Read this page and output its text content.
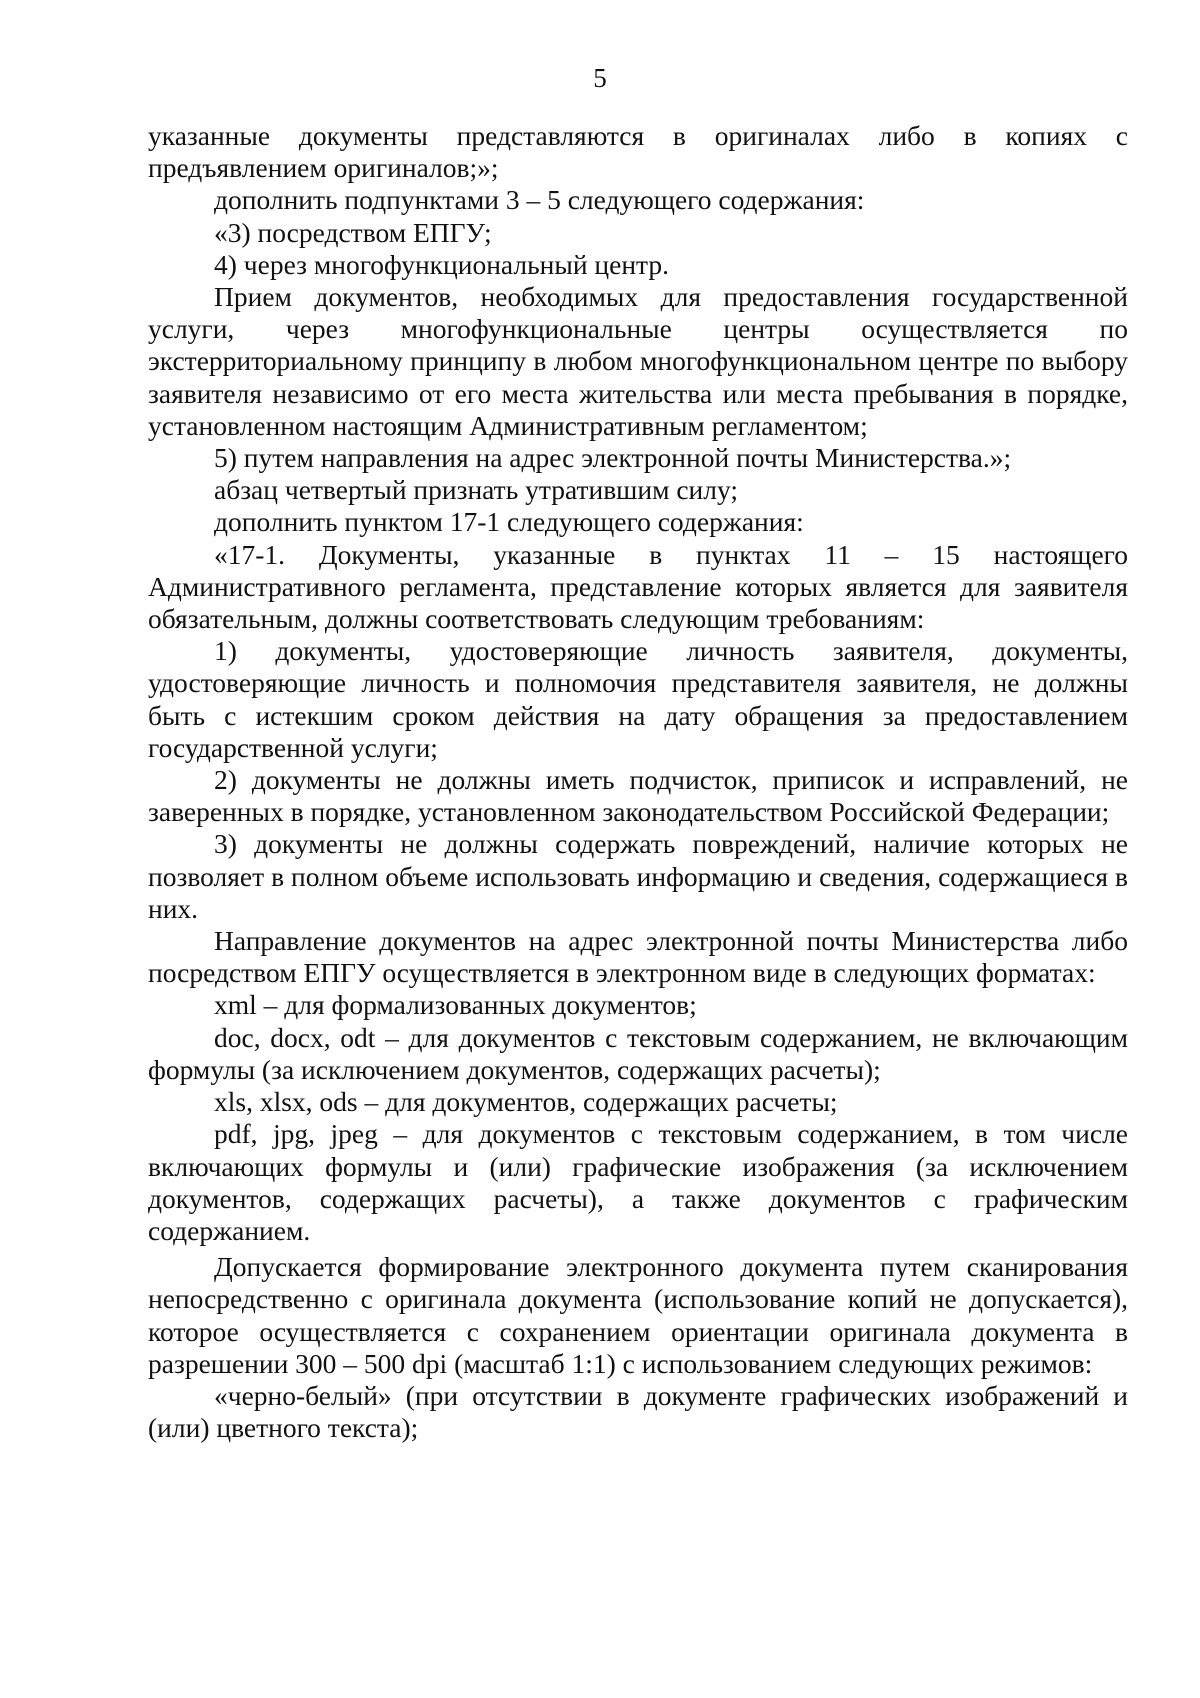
5

указанные документы представляются в оригиналах либо в копиях с предъявлением оригиналов;»;

дополнить подпунктами 3 – 5 следующего содержания:

«3) посредством ЕПГУ;

4) через многофункциональный центр.

Прием документов, необходимых для предоставления государственной услуги, через многофункциональные центры осуществляется по экстерриториальному принципу в любом многофункциональном центре по выбору заявителя независимо от его места жительства или места пребывания в порядке, установленном настоящим Административным регламентом;

5) путем направления на адрес электронной почты Министерства.»;

абзац четвертый признать утратившим силу;

дополнить пунктом 17-1 следующего содержания:

«17-1. Документы, указанные в пунктах 11 – 15 настоящего Административного регламента, представление которых является для заявителя обязательным, должны соответствовать следующим требованиям:

1) документы, удостоверяющие личность заявителя, документы, удостоверяющие личность и полномочия представителя заявителя, не должны быть с истекшим сроком действия на дату обращения за предоставлением государственной услуги;

2) документы не должны иметь подчисток, приписок и исправлений, не заверенных в порядке, установленном законодательством Российской Федерации;

3) документы не должны содержать повреждений, наличие которых не позволяет в полном объеме использовать информацию и сведения, содержащиеся в них.

Направление документов на адрес электронной почты Министерства либо посредством ЕПГУ осуществляется в электронном виде в следующих форматах:

xml – для формализованных документов;

doc, docx, odt – для документов с текстовым содержанием, не включающим формулы (за исключением документов, содержащих расчеты);

xls, xlsx, ods – для документов, содержащих расчеты;

pdf, jpg, jpeg – для документов с текстовым содержанием, в том числе включающих формулы и (или) графические изображения (за исключением документов, содержащих расчеты), а также документов с графическим содержанием.

Допускается формирование электронного документа путем сканирования непосредственно с оригинала документа (использование копий не допускается), которое осуществляется с сохранением ориентации оригинала документа в разрешении 300 – 500 dpi (масштаб 1:1) с использованием следующих режимов:

«черно-белый» (при отсутствии в документе графических изображений и (или) цветного текста);
